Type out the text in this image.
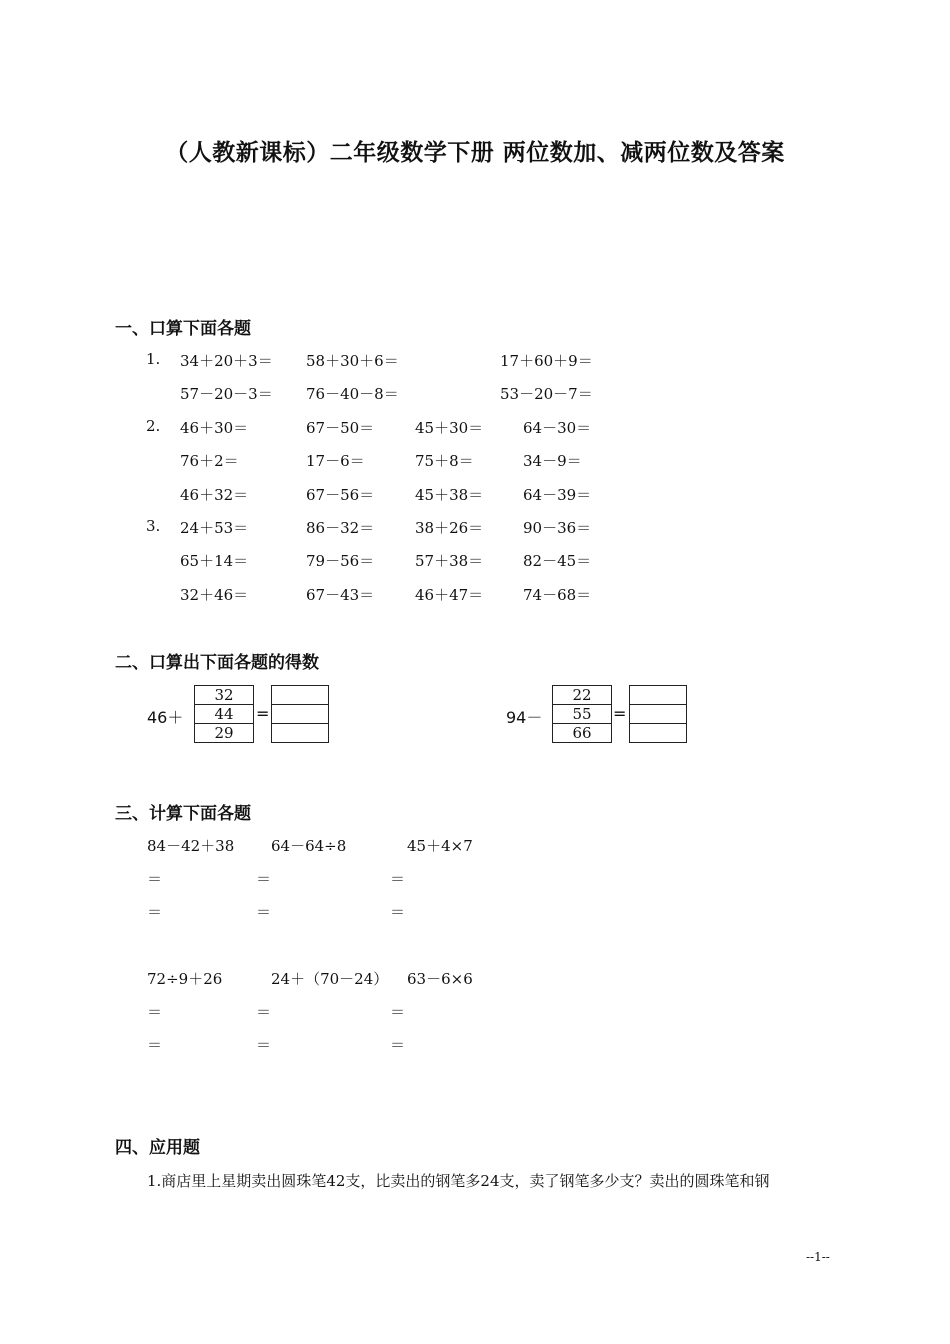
（人教新课标）二年级数学下册 两位数加、减两位数及答案
一、口算下面各题
1. 34＋20＋3＝ 58＋30＋6＝	17＋60＋9＝
57－20－3＝ 76－40－8＝	53－20－7＝
2. 46＋30＝	67－50＝	45＋30＝	64－30＝
76＋2＝	17－6＝	75＋8＝	34－9＝
46＋32＝	67－56＝	45＋38＝	64－39＝
3. 24＋53＝	86－32＝	38＋26＝	90－36＝
65＋14＝	79－56＝	57＋38＝	82－45＝
32＋46＝	67－43＝	46＋47＝	74－68＝
二、口算出下面各题的得数
46＋
32
44
29
=	94－
22
55
66
=
三、计算下面各题
84－42＋38 64－64÷8	45＋4×7
＝	＝	＝
＝	＝	＝
72÷9＋26	24＋（70－24） 63－6×6
＝	＝	＝
＝	＝	＝
四、应用题
1.商店里上星期卖出圆珠笔42支，比卖出的钢笔多24支，卖了钢笔多少支？卖出的圆珠笔和钢
--1--
